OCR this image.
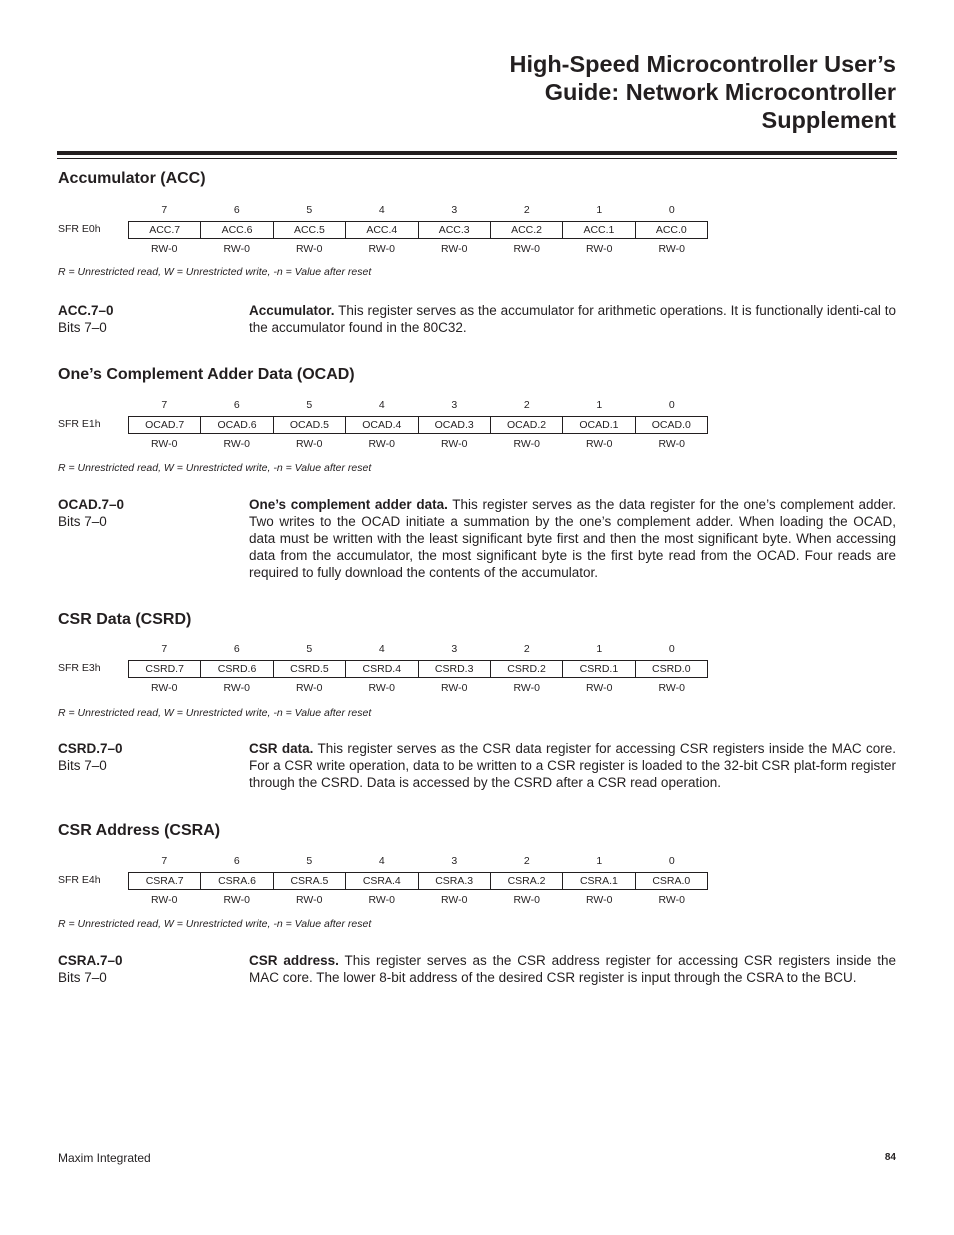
High-Speed Microcontroller User’s
Guide: Network Microcontroller
Supplement
Accumulator (ACC)
7	6	5	4	3	2	1	0
SFR E0h	ACC.7	ACC.6	ACC.5	ACC.4	ACC.3	ACC.2	ACC.1	ACC.0
RW-0	RW-0	RW-0	RW-0	RW-0	RW-0	RW-0	RW-0
R = Unrestricted read, W = Unrestricted write, -n = Value after reset
ACC.7–0
Bits 7–0

Accumulator. This register serves as the accumulator for arithmetic operations. It is functionally identi-cal to the accumulator found in the 80C32.

One’s Complement Adder Data (OCAD)
7	6	5	4	3	2	1	0
SFR E1h	OCAD.7	OCAD.6	OCAD.5	OCAD.4	OCAD.3	OCAD.2	OCAD.1	OCAD.0
RW-0	RW-0	RW-0	RW-0	RW-0	RW-0	RW-0	RW-0
R = Unrestricted read, W = Unrestricted write, -n = Value after reset
OCAD.7–0
Bits 7–0

One’s complement adder data. This register serves as the data register for the one’s complement adder. Two writes to the OCAD initiate a summation by the one’s complement adder. When loading the OCAD, data must be written with the least significant byte first and then the most significant byte. When accessing data from the accumulator, the most significant byte is the first byte read from the OCAD. Four reads are required to fully download the contents of the accumulator.

CSR Data (CSRD)
7	6	5	4	3	2	1	0
SFR E3h	CSRD.7	CSRD.6	CSRD.5	CSRD.4	CSRD.3	CSRD.2	CSRD.1	CSRD.0
RW-0	RW-0	RW-0	RW-0	RW-0	RW-0	RW-0	RW-0
R = Unrestricted read, W = Unrestricted write, -n = Value after reset
CSRD.7–0
Bits 7–0

CSR data. This register serves as the CSR data register for accessing CSR registers inside the MAC core. For a CSR write operation, data to be written to a CSR register is loaded to the 32-bit CSR plat-form register through the CSRD. Data is accessed by the CSRD after a CSR read operation.

CSR Address (CSRA)
7	6	5	4	3	2	1	0
SFR E4h	CSRA.7	CSRA.6	CSRA.5	CSRA.4	CSRA.3	CSRA.2	CSRA.1	CSRA.0
RW-0	RW-0	RW-0	RW-0	RW-0	RW-0	RW-0	RW-0
R = Unrestricted read, W = Unrestricted write, -n = Value after reset
CSRA.7–0
Bits 7–0

CSR address. This register serves as the CSR address register for accessing CSR registers inside the MAC core. The lower 8-bit address of the desired CSR register is input through the CSRA to the BCU.

Maxim Integrated	84
